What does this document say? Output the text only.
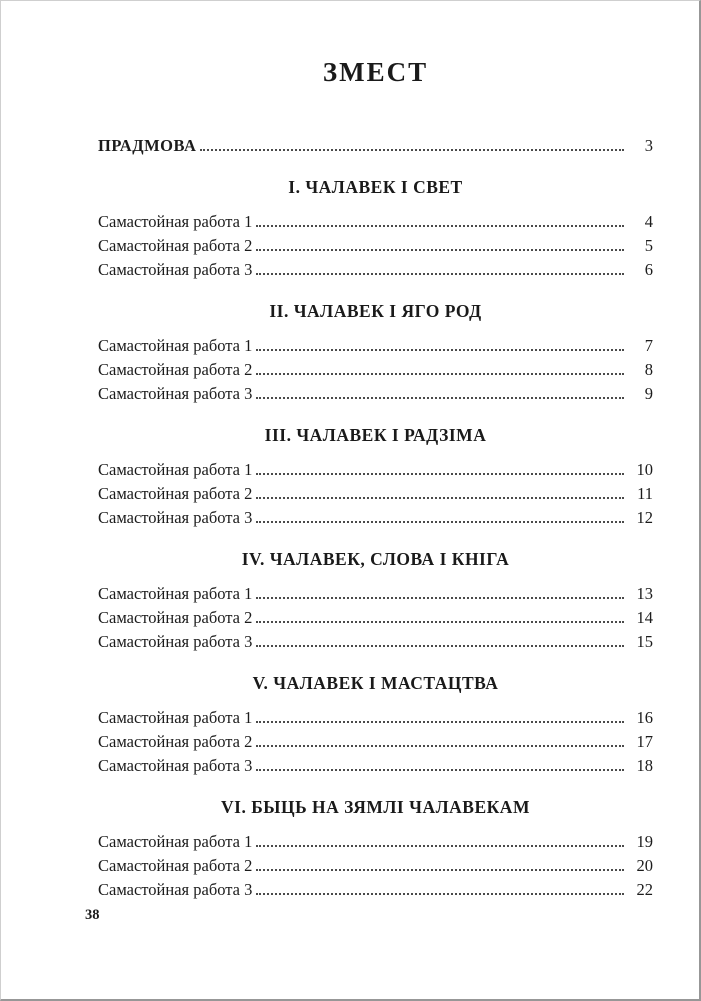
ЗМЕСТ
ПРАДМОВА	3
I. ЧАЛАВЕК І СВЕТ
Самастойная работа 1	4
Самастойная работа 2	5
Самастойная работа 3	6
II. ЧАЛАВЕК І ЯГО РОД
Самастойная работа 1	7
Самастойная работа 2	8
Самастойная работа 3	9
III. ЧАЛАВЕК І РАДЗІМА
Самастойная работа 1	10
Самастойная работа 2	11
Самастойная работа 3	12
IV. ЧАЛАВЕК, СЛОВА І КНІГА
Самастойная работа 1	13
Самастойная работа 2	14
Самастойная работа 3	15
V. ЧАЛАВЕК І МАСТАЦТВА
Самастойная работа 1	16
Самастойная работа 2	17
Самастойная работа 3	18
VI. БЫЦЬ НА ЗЯМЛІ ЧАЛАВЕКАМ
Самастойная работа 1	19
Самастойная работа 2	20
Самастойная работа 3	22
38
